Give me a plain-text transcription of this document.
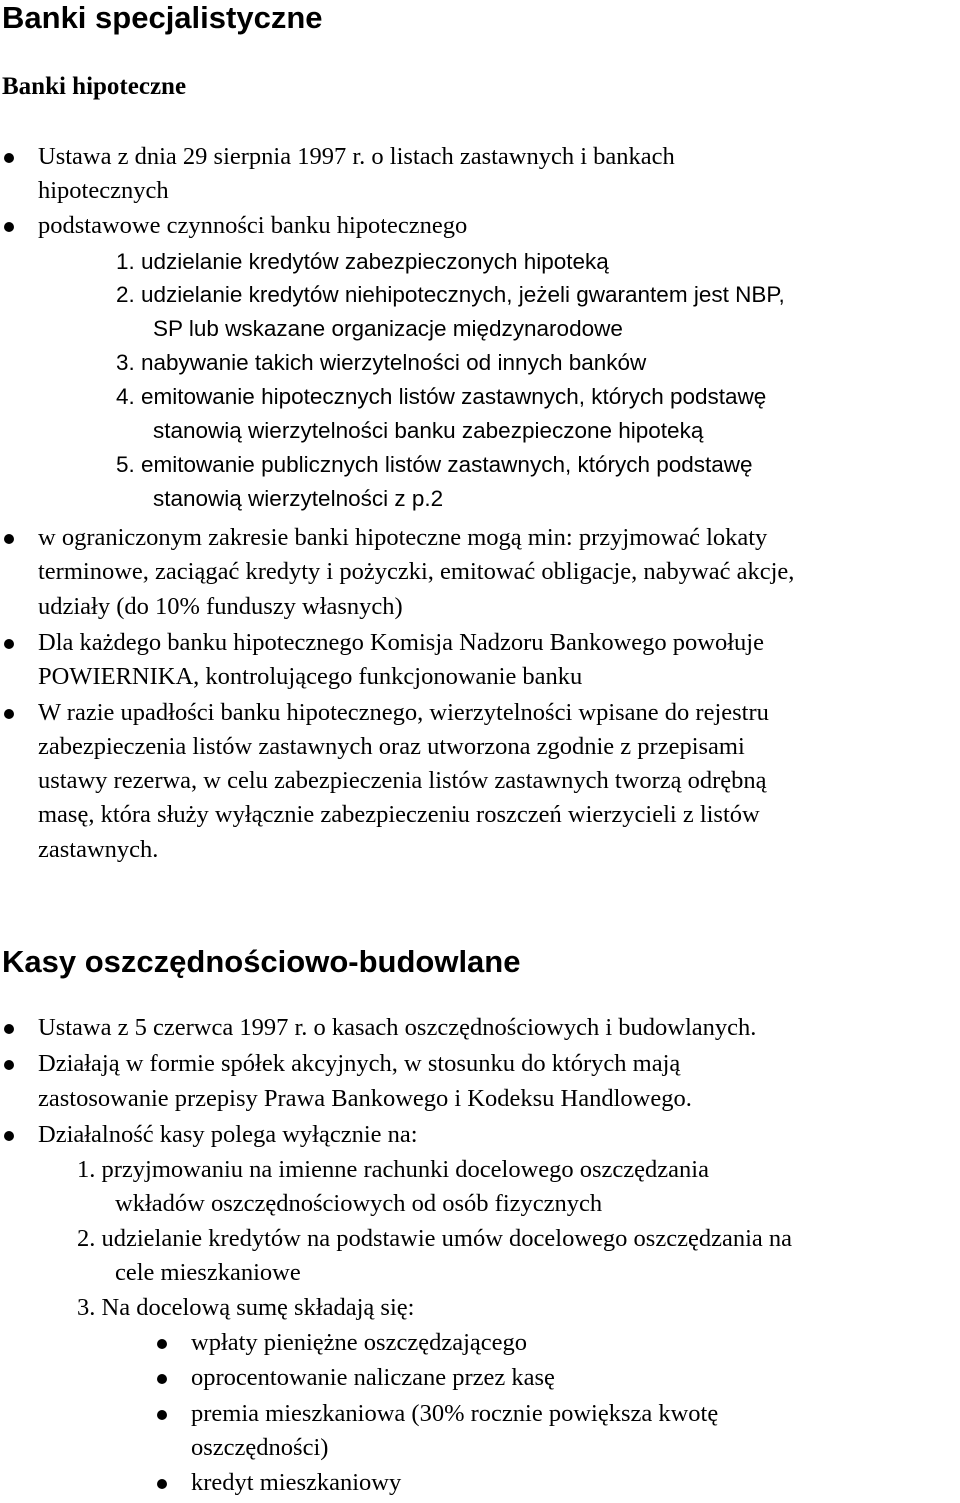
Banki specjalistyczne
Banki hipoteczne
Ustawa z dnia 29 sierpnia 1997 r. o listach zastawnych i bankach
hipotecznych
podstawowe czynności banku hipotecznego
1. udzielanie kredytów zabezpieczonych hipoteką
2. udzielanie kredytów niehipotecznych, jeżeli gwarantem jest NBP,
SP lub wskazane organizacje międzynarodowe
3. nabywanie takich wierzytelności od innych banków
4. emitowanie hipotecznych listów zastawnych, których podstawę
stanowią wierzytelności banku zabezpieczone hipoteką
5. emitowanie publicznych listów zastawnych, których podstawę
stanowią wierzytelności z p.2
w ograniczonym zakresie banki hipoteczne mogą min: przyjmować lokaty
terminowe, zaciągać kredyty i pożyczki, emitować obligacje, nabywać akcje,
udziały (do 10% funduszy własnych)
Dla każdego banku hipotecznego Komisja Nadzoru Bankowego powołuje
POWIERNIKA, kontrolującego funkcjonowanie banku
W razie upadłości banku hipotecznego, wierzytelności wpisane do rejestru
zabezpieczenia listów zastawnych oraz utworzona zgodnie z przepisami
ustawy rezerwa, w celu zabezpieczenia listów zastawnych tworzą odrębną
masę, która służy wyłącznie zabezpieczeniu roszczeń wierzycieli z listów
zastawnych.
Kasy oszczędnościowo-budowlane
Ustawa z 5 czerwca 1997 r. o kasach oszczędnościowych i budowlanych.
Działają w formie spółek akcyjnych, w stosunku do których mają
zastosowanie przepisy Prawa Bankowego i Kodeksu Handlowego.
Działalność kasy polega wyłącznie na:
1. przyjmowaniu na imienne rachunki docelowego oszczędzania
wkładów oszczędnościowych od osób fizycznych
2. udzielanie kredytów na podstawie umów docelowego oszczędzania na
cele mieszkaniowe
3. Na docelową sumę składają się:
wpłaty pieniężne oszczędzającego
oprocentowanie naliczane przez kasę
premia mieszkaniowa (30% rocznie powiększa kwotę
oszczędności)
kredyt mieszkaniowy
